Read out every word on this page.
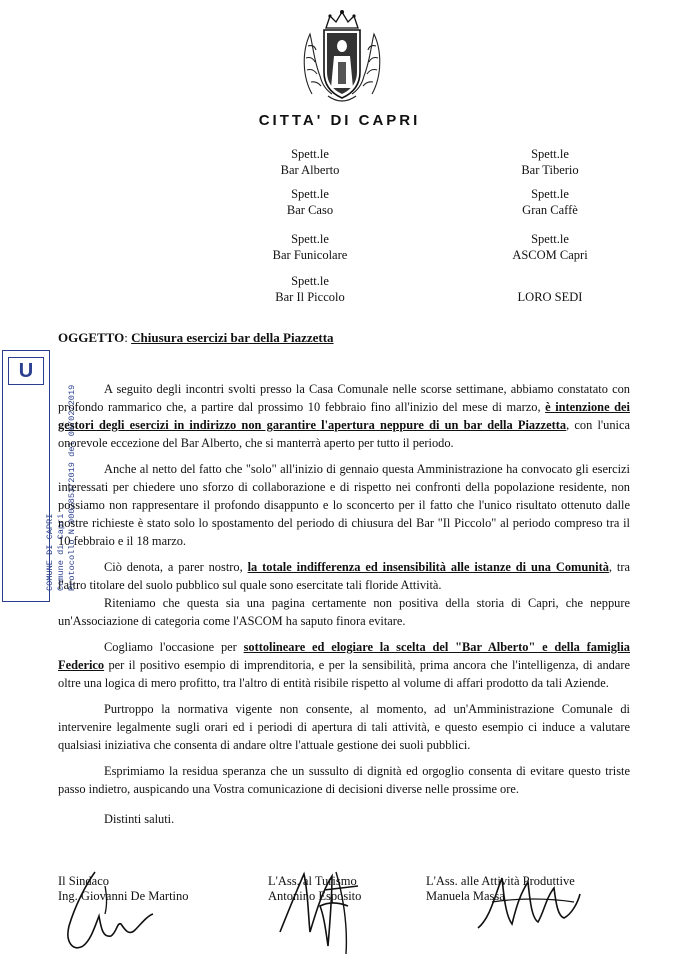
CITTA' DI CAPRI
Spett.le
Bar Alberto
Spett.le
Bar Caso
Spett.le
Bar Funicolare
Spett.le
Bar Il Piccolo
Spett.le
Bar Tiberio
Spett.le
Gran Caffè
Spett.le
ASCOM Capri
LORO SEDI
OGGETTO: Chiusura esercizi bar della Piazzetta
U
COMUNE DI CAPRI Comune di Capri Protocollo N.0002853/2019 del 06/02/2019	A seguito degli incontri svolti presso la Casa Comunale nelle scorse settimane, abbiamo constatato con profondo rammarico che, a partire dal prossimo 10 febbraio fino all'inizio del mese di marzo, è intenzione dei gestori degli esercizi in indirizzo non garantire l'apertura neppure di un bar della Piazzetta, con l'unica onorevole eccezione del Bar Alberto, che si manterrà aperto per tutto il periodo.

Anche al netto del fatto che "solo" all'inizio di gennaio questa Amministrazione ha convocato gli esercizi interessati per chiedere uno sforzo di collaborazione e di rispetto nei confronti della popolazione residente, non possiamo non rappresentare il profondo disappunto e lo sconcerto per il fatto che l'unico risultato ottenuto dalle nostre richieste è stato solo lo spostamento del periodo di chiusura del Bar "Il Piccolo" al periodo compreso tra il 10 febbraio e il 18 marzo.

Ciò denota, a parer nostro, la totale indifferenza ed insensibilità alle istanze di una Comunità, tra l'altro titolare del suolo pubblico sul quale sono esercitate tali floride Attività.

Riteniamo che questa sia una pagina certamente non positiva della storia di Capri, che neppure un'Associazione di categoria come l'ASCOM ha saputo finora evitare.

Cogliamo l'occasione per sottolineare ed elogiare la scelta del "Bar Alberto" e della famiglia Federico per il positivo esempio di imprenditoria, e per la sensibilità, prima ancora che l'intelligenza, di andare oltre una logica di mero profitto, tra l'altro di entità risibile rispetto al volume di affari prodotto da tali Aziende.

Purtroppo la normativa vigente non consente, al momento, ad un'Amministrazione Comunale di intervenire legalmente sugli orari ed i periodi di apertura di tali attività, e questo esempio ci induce a valutare qualsiasi iniziativa che consenta di andare oltre l'attuale gestione dei suoli pubblici.

Esprimiamo la residua speranza che un sussulto di dignità ed orgoglio consenta di evitare questo triste passo indietro, auspicando una Vostra comunicazione di decisioni diverse nelle prossime ore.

Distinti saluti.

Il Sindaco
Ing. Giovanni De Martino
L'Ass. al Turismo
Antonino Esposito
L'Ass. alle Attività Produttive
Manuela Massa
